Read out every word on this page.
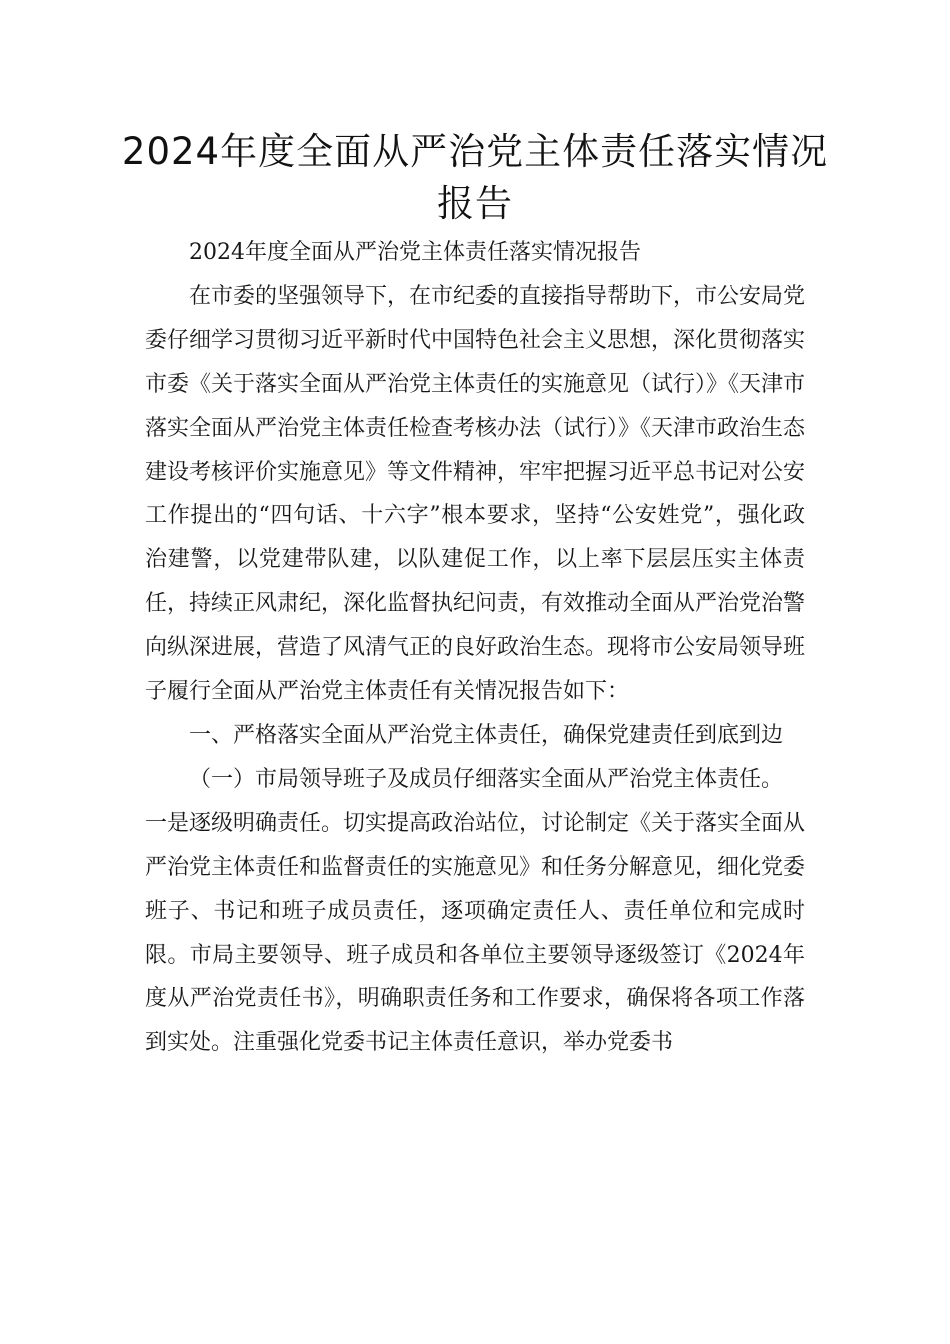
2024年度全面从严治党主体责任落实情况报告

2024年度全面从严治党主体责任落实情况报告

在市委的坚强领导下，在市纪委的直接指导帮助下，市公安局党委仔细学习贯彻习近平新时代中国特色社会主义思想，深化贯彻落实市委《关于落实全面从严治党主体责任的实施意见（试行）》《天津市落实全面从严治党主体责任检查考核办法（试行）》《天津市政治生态建设考核评价实施意见》等文件精神，牢牢把握习近平总书记对公安工作提出的“四句话、十六字”根本要求，坚持“公安姓党”，强化政治建警，以党建带队建，以队建促工作，以上率下层层压实主体责任，持续正风肃纪，深化监督执纪问责，有效推动全面从严治党治警向纵深进展，营造了风清气正的良好政治生态。现将市公安局领导班子履行全面从严治党主体责任有关情况报告如下：

一、严格落实全面从严治党主体责任，确保党建责任到底到边

（一）市局领导班子及成员仔细落实全面从严治党主体责任。

一是逐级明确责任。切实提高政治站位，讨论制定《关于落实全面从严治党主体责任和监督责任的实施意见》和任务分解意见，细化党委班子、书记和班子成员责任，逐项确定责任人、责任单位和完成时限。市局主要领导、班子成员和各单位主要领导逐级签订《2024年度从严治党责任书》，明确职责任务和工作要求，确保将各项工作落到实处。注重强化党委书记主体责任意识，举办党委书
